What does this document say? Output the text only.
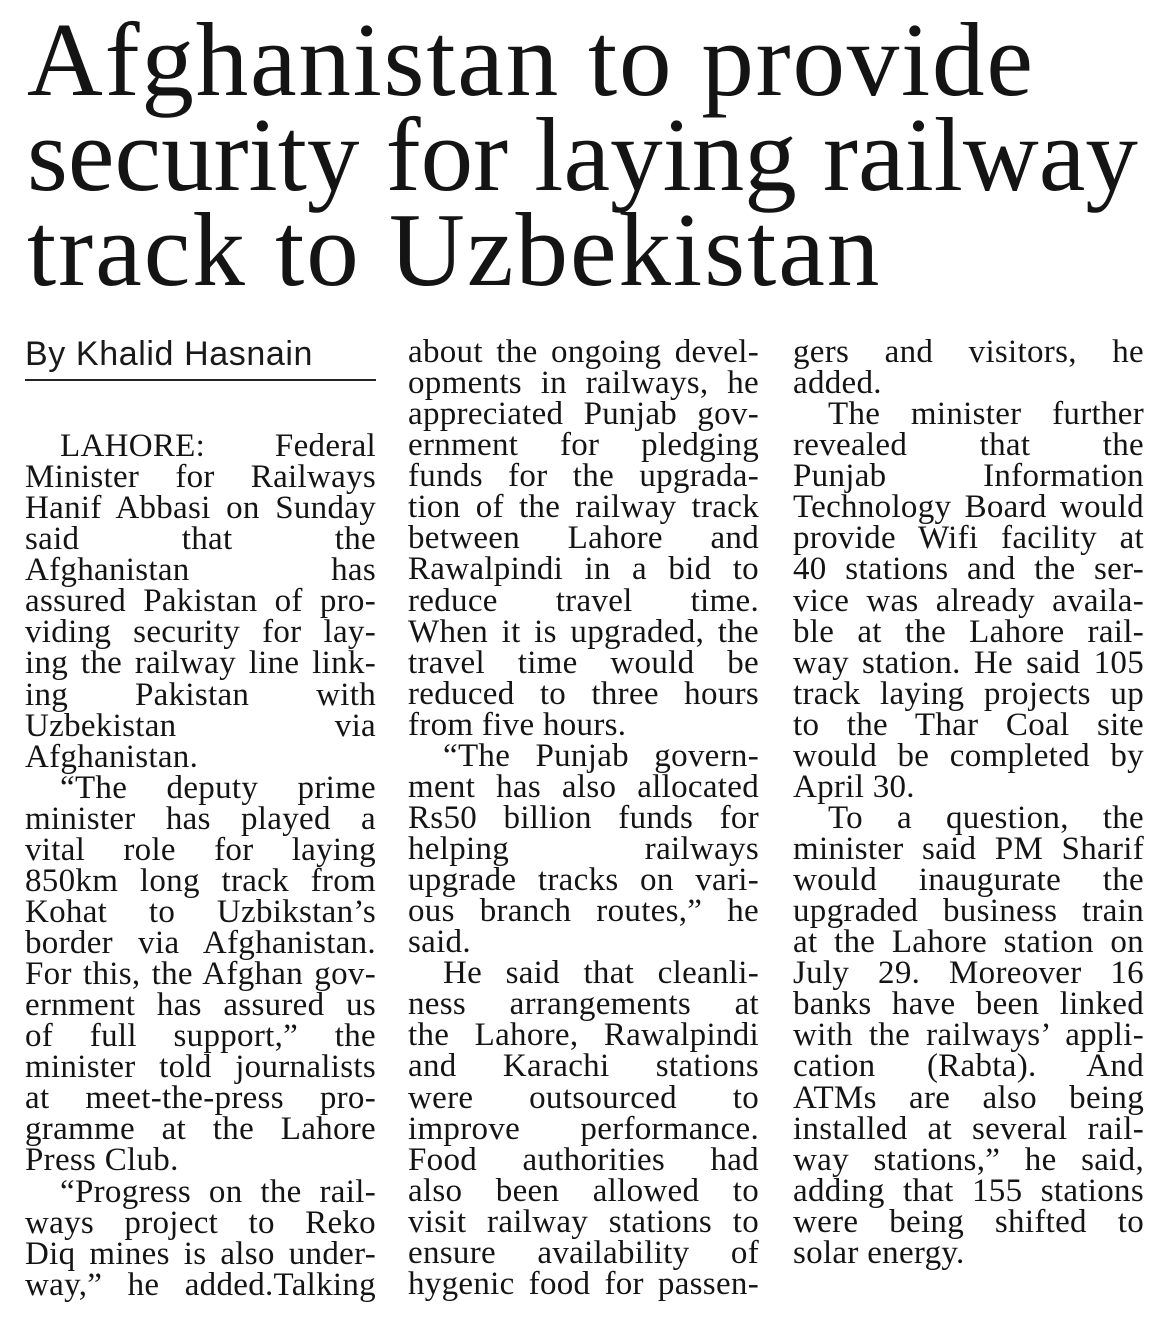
Afghanistan to provide
security for laying railway
track to Uzbekistan
By Khalid Hasnain
LAHORE: Federal
Minister for Railways
Hanif Abbasi on Sunday
said that the
Afghanistan has
assured Pakistan of pro-
viding security for lay-
ing the railway line link-
ing Pakistan with
Uzbekistan via
Afghanistan.
“The deputy prime
minister has played a
vital role for laying
850km long track from
Kohat to Uzbikstan’s
border via Afghanistan.
For this, the Afghan gov-
ernment has assured us
of full support,” the
minister told journalists
at meet-the-press pro-
gramme at the Lahore
Press Club.
“Progress on the rail-
ways project to Reko
Diq mines is also under-
way,” he added.Talking
about the ongoing devel-
opments in railways, he
appreciated Punjab gov-
ernment for pledging
funds for the upgrada-
tion of the railway track
between Lahore and
Rawalpindi in a bid to
reduce travel time.
When it is upgraded, the
travel time would be
reduced to three hours
from five hours.
“The Punjab govern-
ment has also allocated
Rs50 billion funds for
helping railways
upgrade tracks on vari-
ous branch routes,” he
said.
He said that cleanli-
ness arrangements at
the Lahore, Rawalpindi
and Karachi stations
were outsourced to
improve performance.
Food authorities had
also been allowed to
visit railway stations to
ensure availability of
hygenic food for passen-
gers and visitors, he
added.
The minister further
revealed that the
Punjab Information
Technology Board would
provide Wifi facility at
40 stations and the ser-
vice was already availa-
ble at the Lahore rail-
way station. He said 105
track laying projects up
to the Thar Coal site
would be completed by
April 30.
To a question, the
minister said PM Sharif
would inaugurate the
upgraded business train
at the Lahore station on
July 29. Moreover 16
banks have been linked
with the railways’ appli-
cation (Rabta). And
ATMs are also being
installed at several rail-
way stations,” he said,
adding that 155 stations
were being shifted to
solar energy.
